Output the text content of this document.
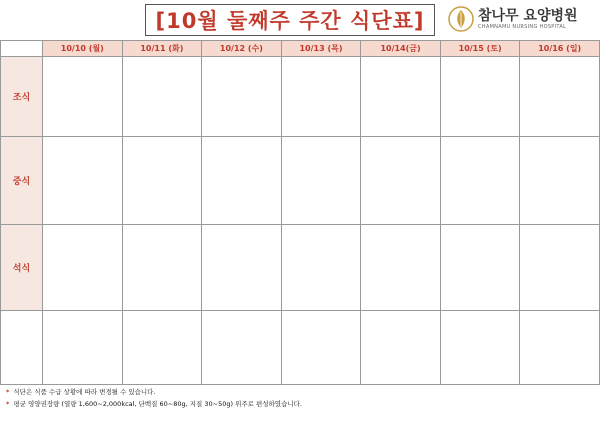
[10월 둘째주 주간 식단표]	참나무 요양병원
CHAMNAMU NURSING HOSPITAL
10/10 (월)	10/11 (화)	10/12 (수)	10/13 (목)	10/14(금)	10/15 (토)	10/16 (일)
조식
중식
석식
* 식단은 식품 수급 상황에 따라 변경될 수 있습니다.
* 평균 영양권장량 (열량 1,600~2,000kcal, 단백질 60~80g, 지질 30~50g) 위주로 편성하였습니다.
